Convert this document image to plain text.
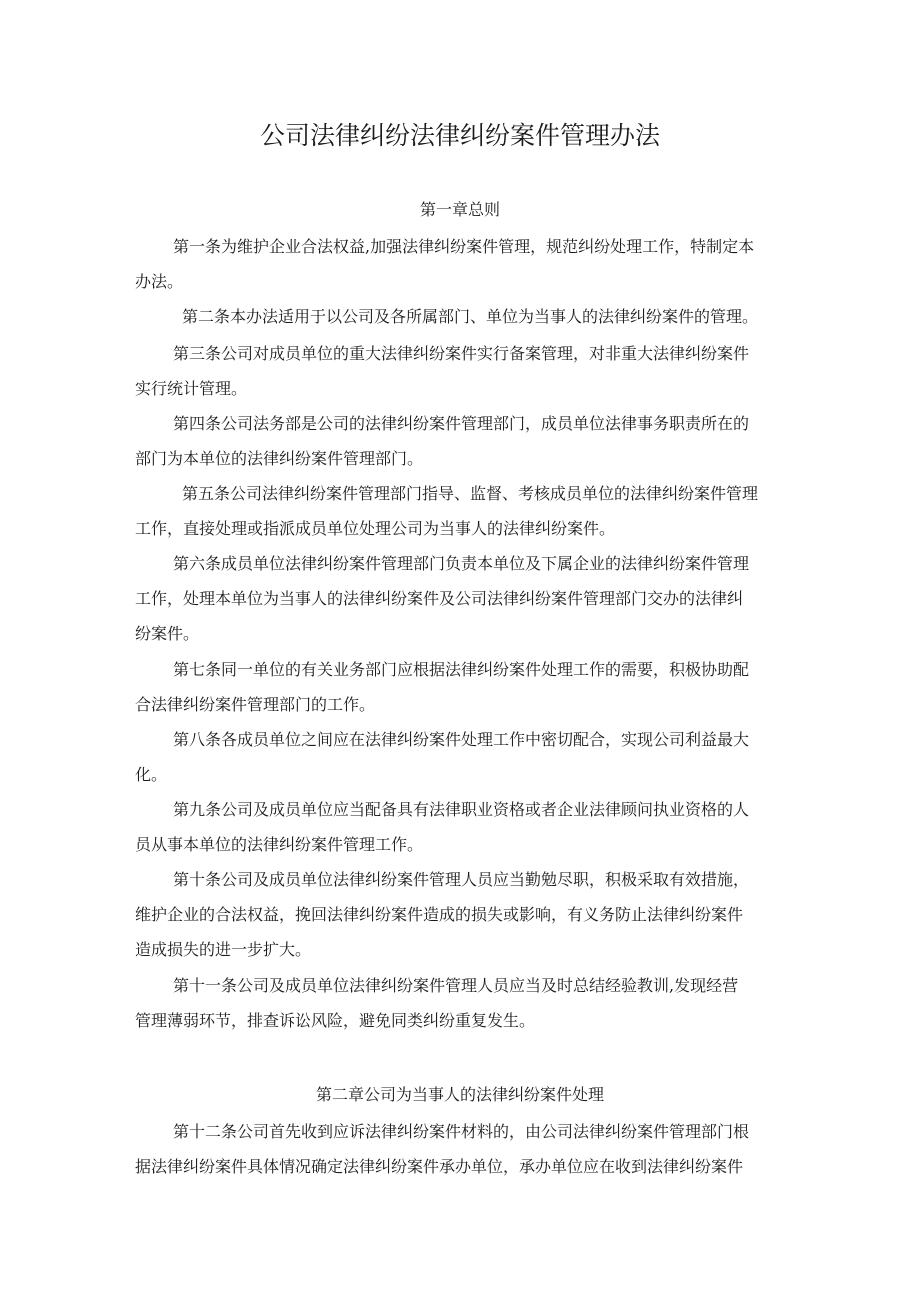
公司法律纠纷法律纠纷案件管理办法
第一章总则

第一条为维护企业合法权益,加强法律纠纷案件管理，规范纠纷处理工作，特制定本
办法。

第二条本办法适用于以公司及各所属部门、单位为当事人的法律纠纷案件的管理。

第三条公司对成员单位的重大法律纠纷案件实行备案管理，对非重大法律纠纷案件
实行统计管理。

第四条公司法务部是公司的法律纠纷案件管理部门，成员单位法律事务职责所在的
部门为本单位的法律纠纷案件管理部门。

第五条公司法律纠纷案件管理部门指导、监督、考核成员单位的法律纠纷案件管理
工作，直接处理或指派成员单位处理公司为当事人的法律纠纷案件。

第六条成员单位法律纠纷案件管理部门负责本单位及下属企业的法律纠纷案件管理
工作，处理本单位为当事人的法律纠纷案件及公司法律纠纷案件管理部门交办的法律纠
纷案件。

第七条同一单位的有关业务部门应根据法律纠纷案件处理工作的需要，积极协助配
合法律纠纷案件管理部门的工作。

第八条各成员单位之间应在法律纠纷案件处理工作中密切配合，实现公司利益最大
化。

第九条公司及成员单位应当配备具有法律职业资格或者企业法律顾问执业资格的人
员从事本单位的法律纠纷案件管理工作。

第十条公司及成员单位法律纠纷案件管理人员应当勤勉尽职，积极采取有效措施，
维护企业的合法权益，挽回法律纠纷案件造成的损失或影响，有义务防止法律纠纷案件
造成损失的进一步扩大。

第十一条公司及成员单位法律纠纷案件管理人员应当及时总结经验教训,发现经营
管理薄弱环节，排查诉讼风险，避免同类纠纷重复发生。

第二章公司为当事人的法律纠纷案件处理

第十二条公司首先收到应诉法律纠纷案件材料的，由公司法律纠纷案件管理部门根
据法律纠纷案件具体情况确定法律纠纷案件承办单位，承办单位应在收到法律纠纷案件
